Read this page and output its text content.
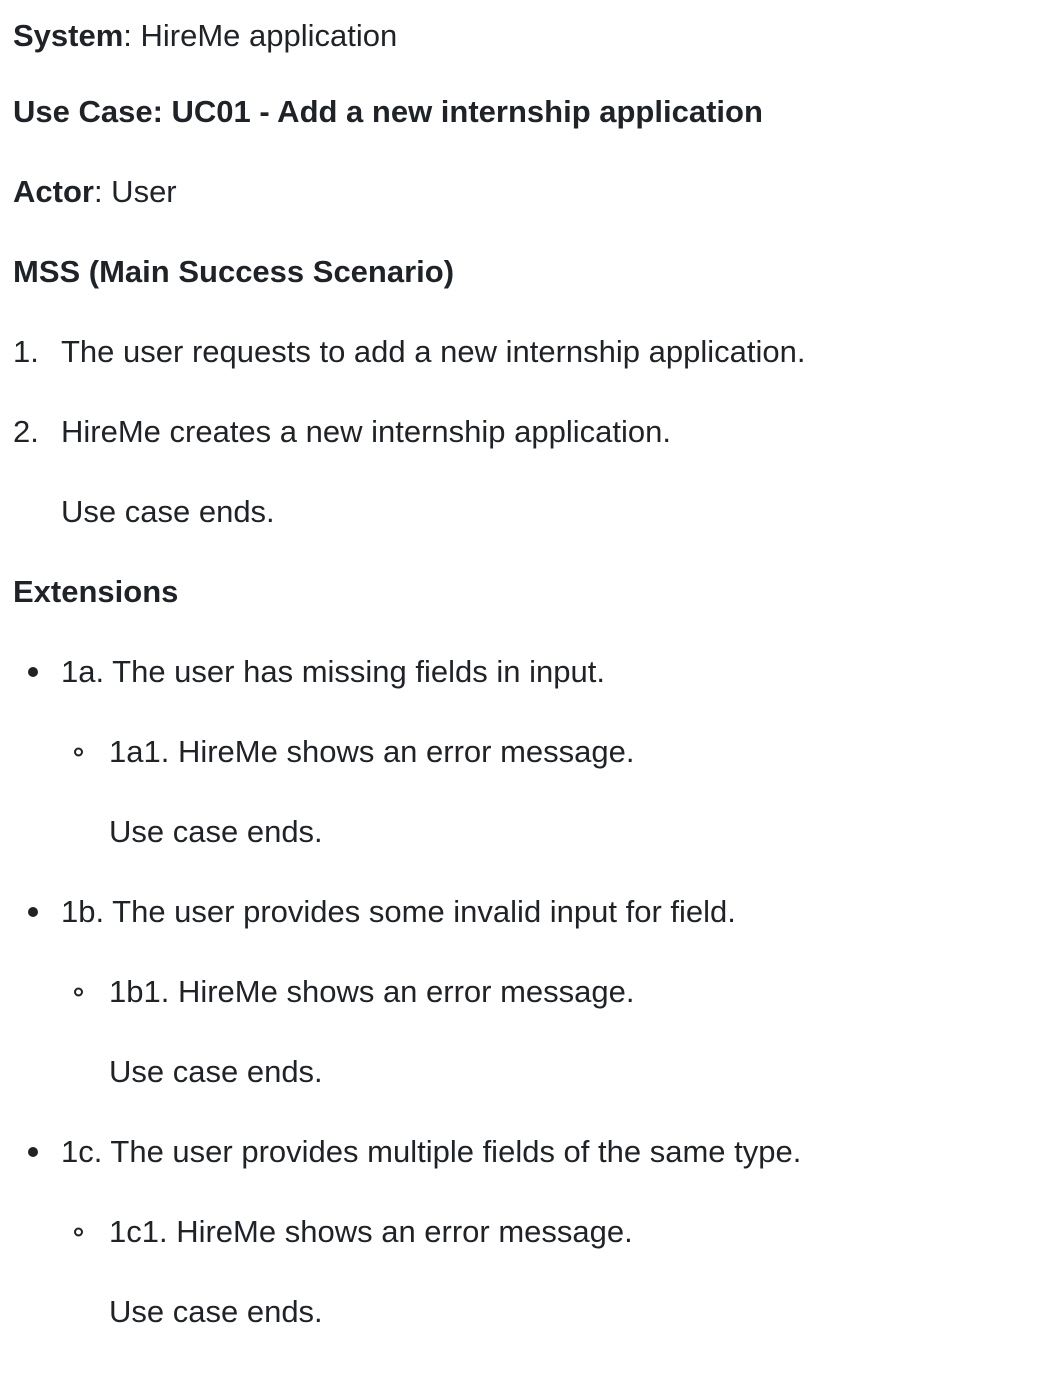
System : HireMe application
Use Case: UC01 - Add a new internship application
Actor : User
MSS (Main Success Scenario)
1. The user requests to add a new internship application.
2. HireMe creates a new internship application.
Use case ends.
Extensions
1a. The user has missing fields in input.
1a1. HireMe shows an error message.
Use case ends.
1b. The user provides some invalid input for field.
1b1. HireMe shows an error message.
Use case ends.
1c. The user provides multiple fields of the same type.
1c1. HireMe shows an error message.
Use case ends.
